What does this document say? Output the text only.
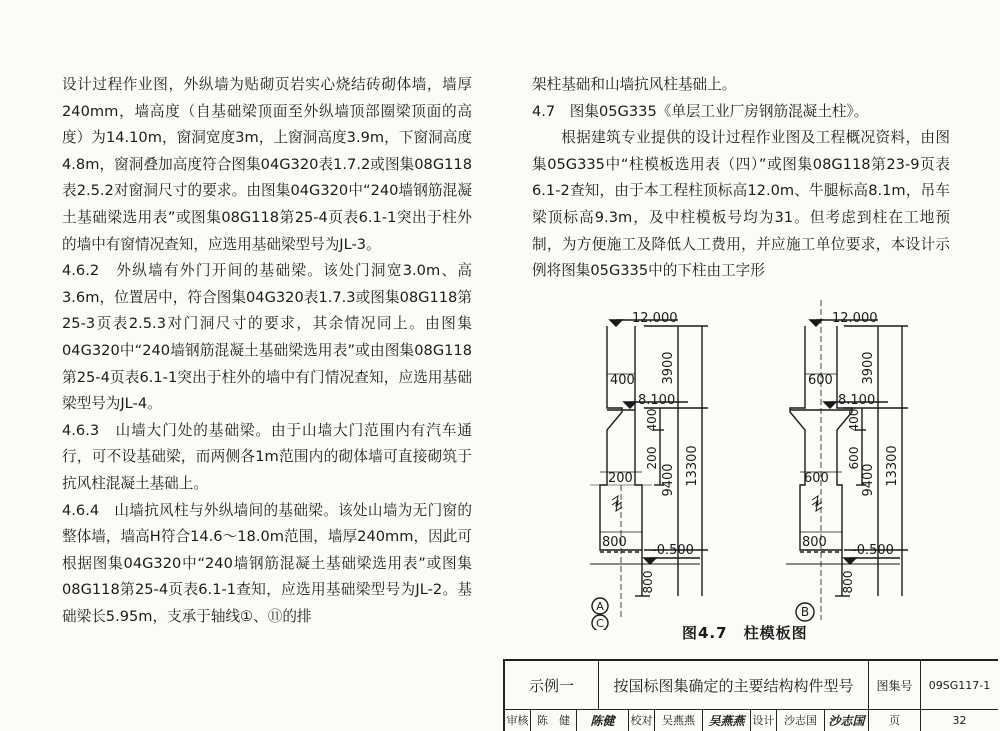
设计过程作业图，外纵墙为贴砌页岩实心烧结砖砌体墙，墙厚240mm，墙高度（自基础梁顶面至外纵墙顶部圈梁顶面的高度）为14.10m，窗洞宽度3m，上窗洞高度3.9m，下窗洞高度4.8m，窗洞叠加高度符合图集04G320表1.7.2或图集08G118表2.5.2对窗洞尺寸的要求。由图集04G320中“240墙钢筋混凝土基础梁选用表”或图集08G118第25-4页表6.1-1突出于柱外的墙中有窗情况查知，应选用基础梁型号为JL-3。

4.6.2　外纵墙有外门开间的基础梁。该处门洞宽3.0m、高3.6m，位置居中，符合图集04G320表1.7.3或图集08G118第25-3页表2.5.3对门洞尺寸的要求，其余情况同上。由图集04G320中“240墙钢筋混凝土基础梁选用表”或由图集08G118第25-4页表6.1-1突出于柱外的墙中有门情况查知，应选用基础梁型号为JL-4。

4.6.3　山墙大门处的基础梁。由于山墙大门范围内有汽车通行，可不设基础梁，而两侧各1m范围内的砌体墙可直接砌筑于抗风柱混凝土基础上。

4.6.4　山墙抗风柱与外纵墙间的基础梁。该处山墙为无门窗的整体墙，墙高H符合14.6～18.0m范围，墙厚240mm，因此可根据图集04G320中“240墙钢筋混凝土基础梁选用表”或图集08G118第25-4页表6.1-1查知，应选用基础梁型号为JL-2。基础梁长5.95m，支承于轴线①、⑪的排

架柱基础和山墙抗风柱基础上。

4.7　图集05G335《单层工业厂房钢筋混凝土柱》。

根据建筑专业提供的设计过程作业图及工程概况资料，由图集05G335中“柱模板选用表（四）”或图集08G118第23-9页表6.1-2查知，由于本工程柱顶标高12.0m、牛腿标高8.1m，吊车梁顶标高9.3m，及中柱模板号均为31。但考虑到柱在工地预制，为方便施工及降低人工费用，并应施工单位要求，本设计示例将图集05G335中的下柱由工字形

12.000
8.100
-0.500
400
200
800
3900
13300
9400
400
200
800
A
C
12.000
8.100
-0.500
600
600
800
3900
13300
9400
400
600
800
B
图4.7　柱模板图
示例一	按国标图集确定的主要结构构件型号	图集号	09SG117-1
审核 陈　健	陈健	校对 吴燕燕	吴燕燕 设计 沙志国 沙志国	页	32
